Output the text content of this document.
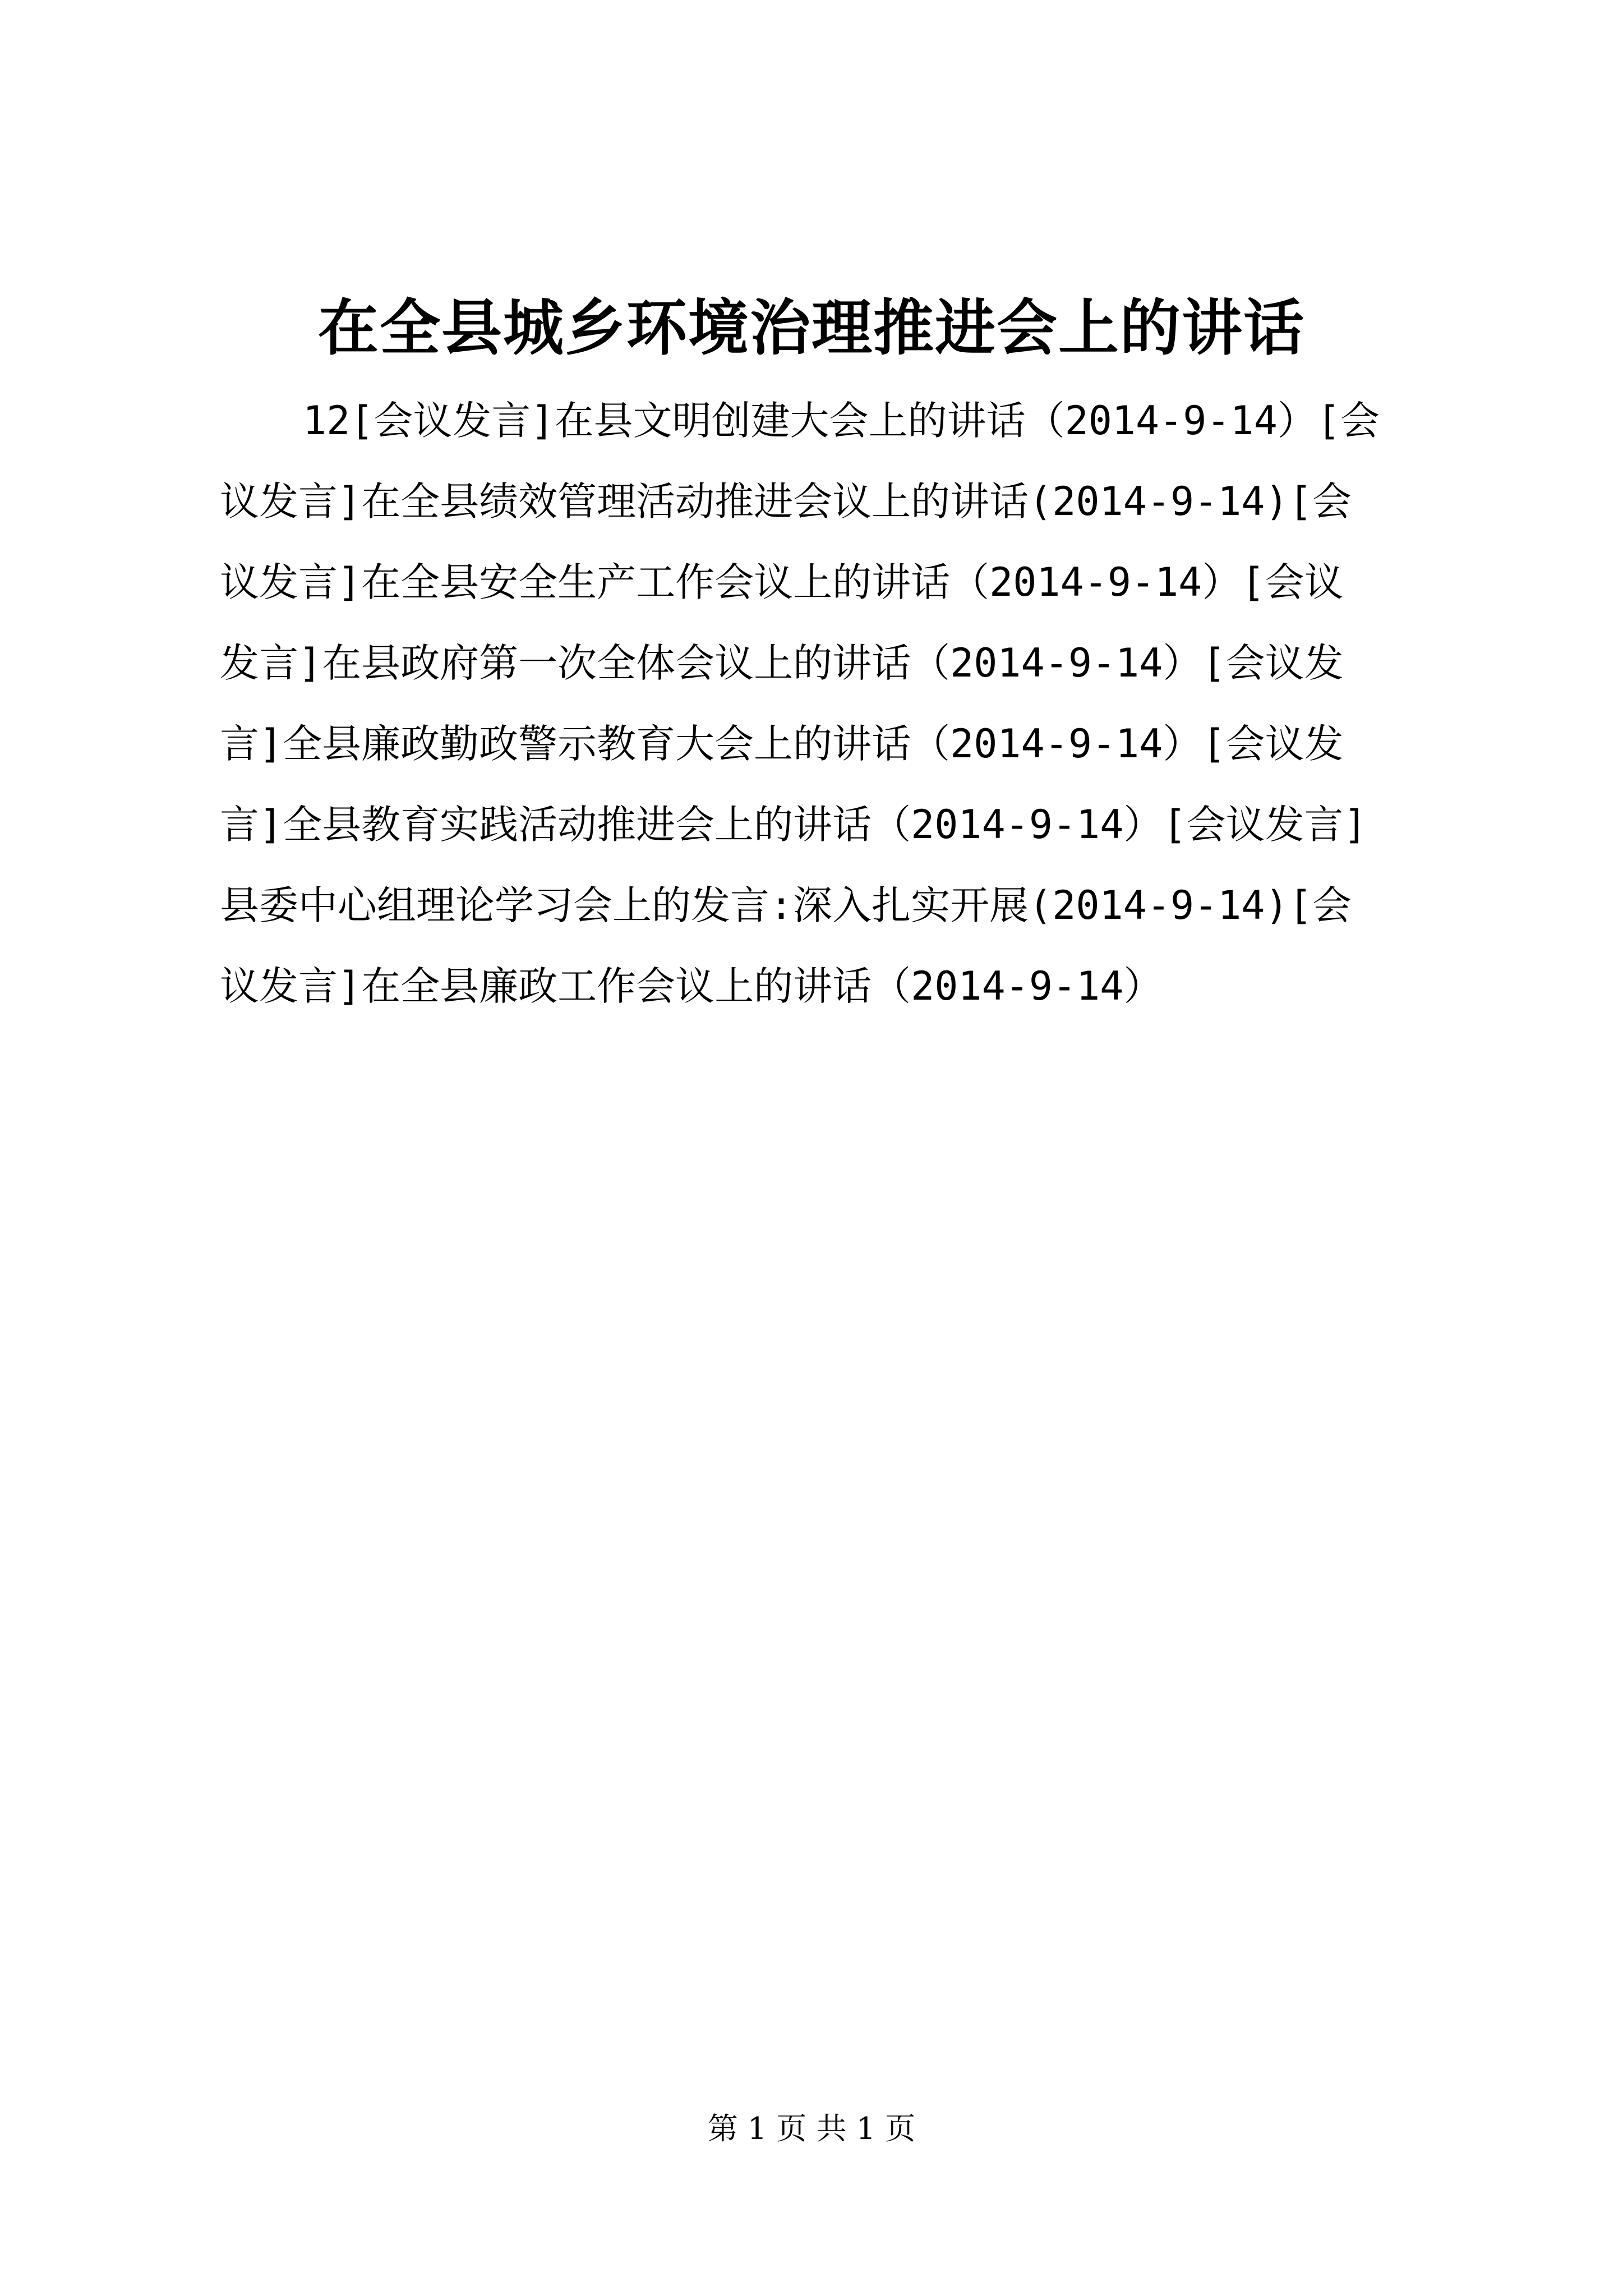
在全县城乡环境治理推进会上的讲话
12[会议发言]在县文明创建大会上的讲话（2014-9-14）[会
议发言]在全县绩效管理活动推进会议上的讲话(2014-9-14)[会
议发言]在全县安全生产工作会议上的讲话（2014-9-14）[会议
发言]在县政府第一次全体会议上的讲话（2014-9-14）[会议发
言]全县廉政勤政警示教育大会上的讲话（2014-9-14）[会议发
言]全县教育实践活动推进会上的讲话（2014-9-14）[会议发言]
县委中心组理论学习会上的发言:深入扎实开展(2014-9-14)[会
议发言]在全县廉政工作会议上的讲话（2014-9-14）
第 1 页 共 1 页
